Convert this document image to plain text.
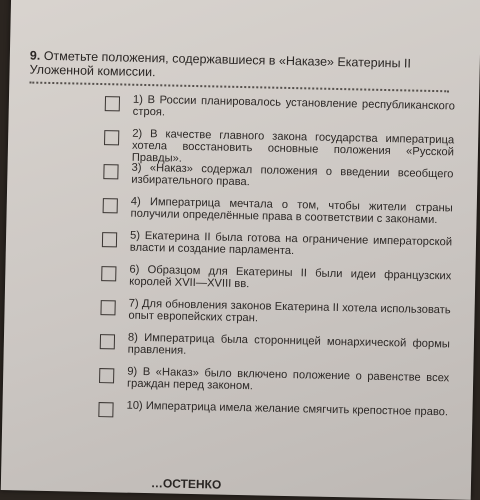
9. Отметьте положения, содержавшиеся в «Наказе» Екатерины II Уложенной комиссии.
1) В России планировалось установление республиканского строя.
2) В качестве главного закона государства императрица хотела восстановить основные положения «Русской Правды».
3) «Наказ» содержал положения о введении всеобщего избирательного права.
4) Императрица мечтала о том, чтобы жители страны получили определённые права в соответствии с законами.
5) Екатерина II была готова на ограничение императорской власти и создание парламента.
6) Образцом для Екатерины II были идеи французских королей XVII—XVIII вв.
7) Для обновления законов Екатерина II хотела использовать опыт европейских стран.
8) Императрица была сторонницей монархической формы правления.
9) В «Наказ» было включено положение о равенстве всех граждан перед законом.
10) Императрица имела желание смягчить крепостное право.
…ОСТЕНКО
